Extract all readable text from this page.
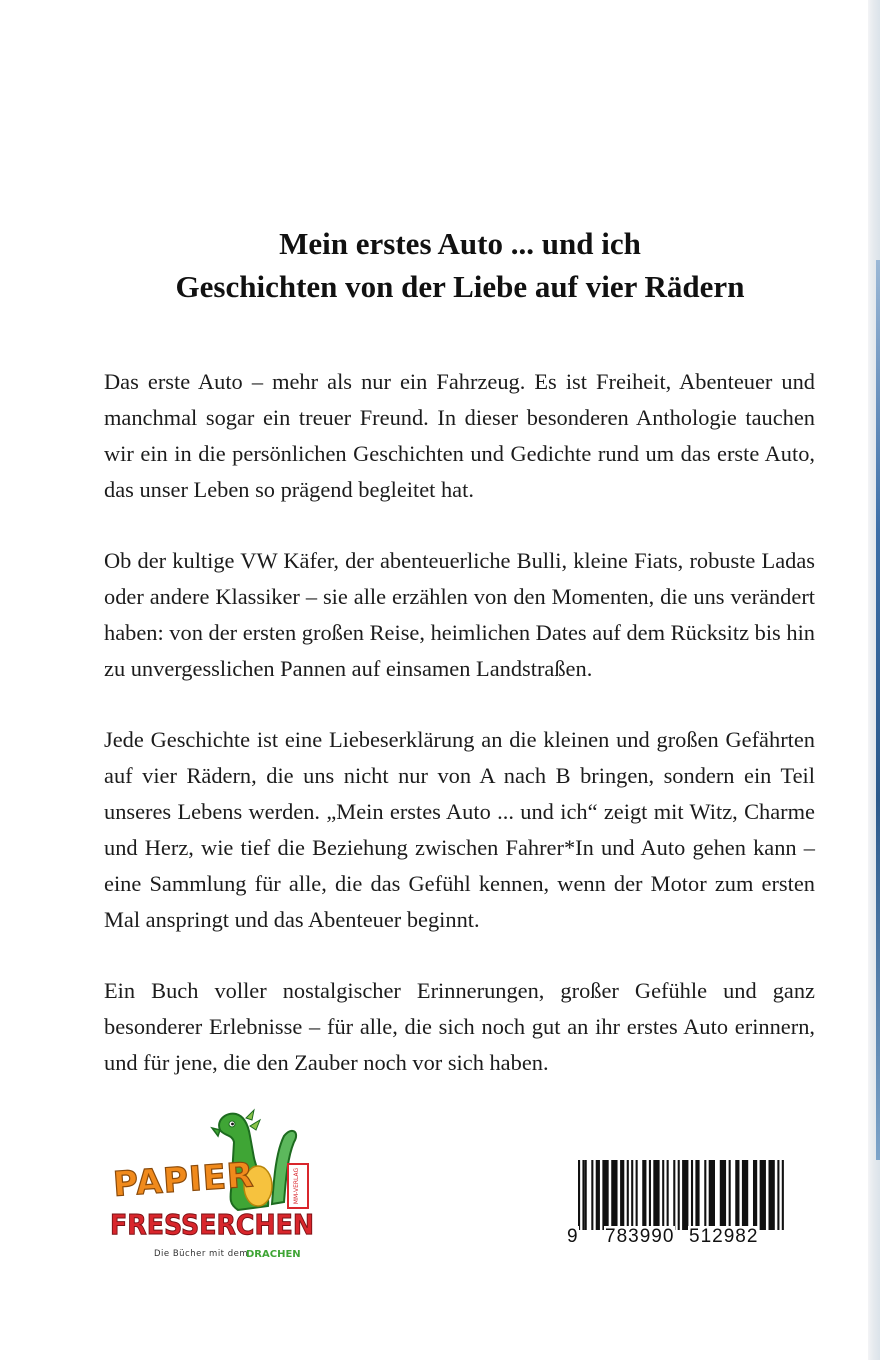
Mein erstes Auto ... und ich
Geschichten von der Liebe auf vier Rädern

Das erste Auto – mehr als nur ein Fahrzeug. Es ist Freiheit, Abenteuer und manchmal sogar ein treuer Freund. In dieser besonderen Anthologie tauchen wir ein in die persönlichen Geschichten und Gedichte rund um das erste Auto, das unser Leben so prägend begleitet hat.

Ob der kultige VW Käfer, der abenteuerliche Bulli, kleine Fiats, robuste Ladas oder andere Klassiker – sie alle erzählen von den Momenten, die uns verändert haben: von der ersten großen Reise, heimlichen Dates auf dem Rücksitz bis hin zu unvergesslichen Pannen auf einsamen Landstraßen.

Jede Geschichte ist eine Liebeserklärung an die kleinen und großen Gefährten auf vier Rädern, die uns nicht nur von A nach B bringen, sondern ein Teil unseres Lebens werden. „Mein erstes Auto ... und ich“ zeigt mit Witz, Charme und Herz, wie tief die Beziehung zwischen Fahrer*In und Auto gehen kann – eine Sammlung für alle, die das Gefühl kennen, wenn der Motor zum ersten Mal anspringt und das Abenteuer beginnt.

Ein Buch voller nostalgischer Erinnerungen, großer Gefühle und ganz besonderer Erlebnisse – für alle, die sich noch gut an ihr erstes Auto erinnern, und für jene, die den Zauber noch vor sich haben.

MM-VERLAG
PAPIER
FRESSERCHEN
Die Bücher mit dem
DRACHEN
9 783990 512982
